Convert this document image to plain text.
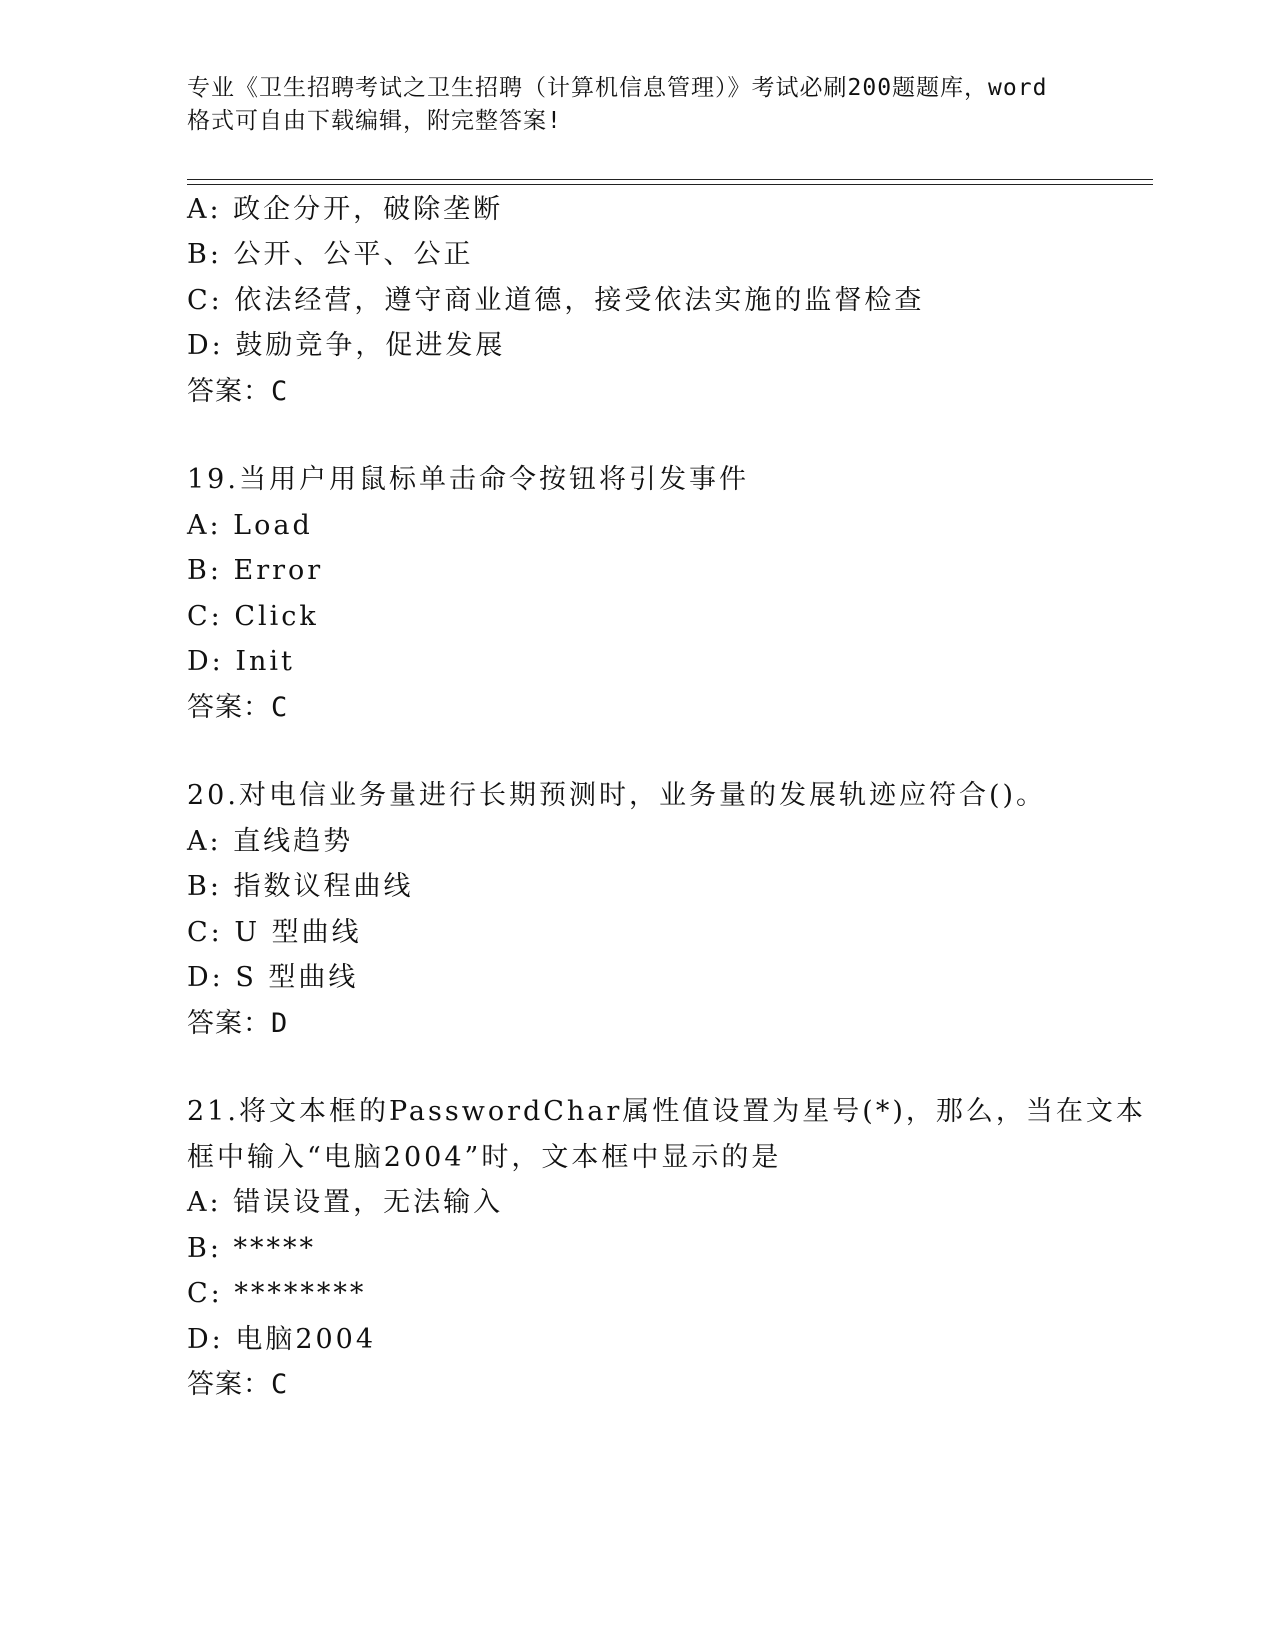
专业《卫生招聘考试之卫生招聘（计算机信息管理）》考试必刷200题题库，word
格式可自由下载编辑，附完整答案!
A: 政企分开，破除垄断
B: 公开、公平、公正
C: 依法经营，遵守商业道德，接受依法实施的监督检查
D: 鼓励竞争，促进发展
答案：C
19.当用户用鼠标单击命令按钮将引发事件
A: Load
B: Error
C: Click
D: Init
答案：C
20.对电信业务量进行长期预测时，业务量的发展轨迹应符合()。
A: 直线趋势
B: 指数议程曲线
C: U 型曲线
D: S 型曲线
答案：D
21.将文本框的PasswordChar属性值设置为星号(*)，那么，当在文本
框中输入“电脑2004”时，文本框中显示的是
A: 错误设置，无法输入
B: *****
C: ********
D: 电脑2004
答案：C
